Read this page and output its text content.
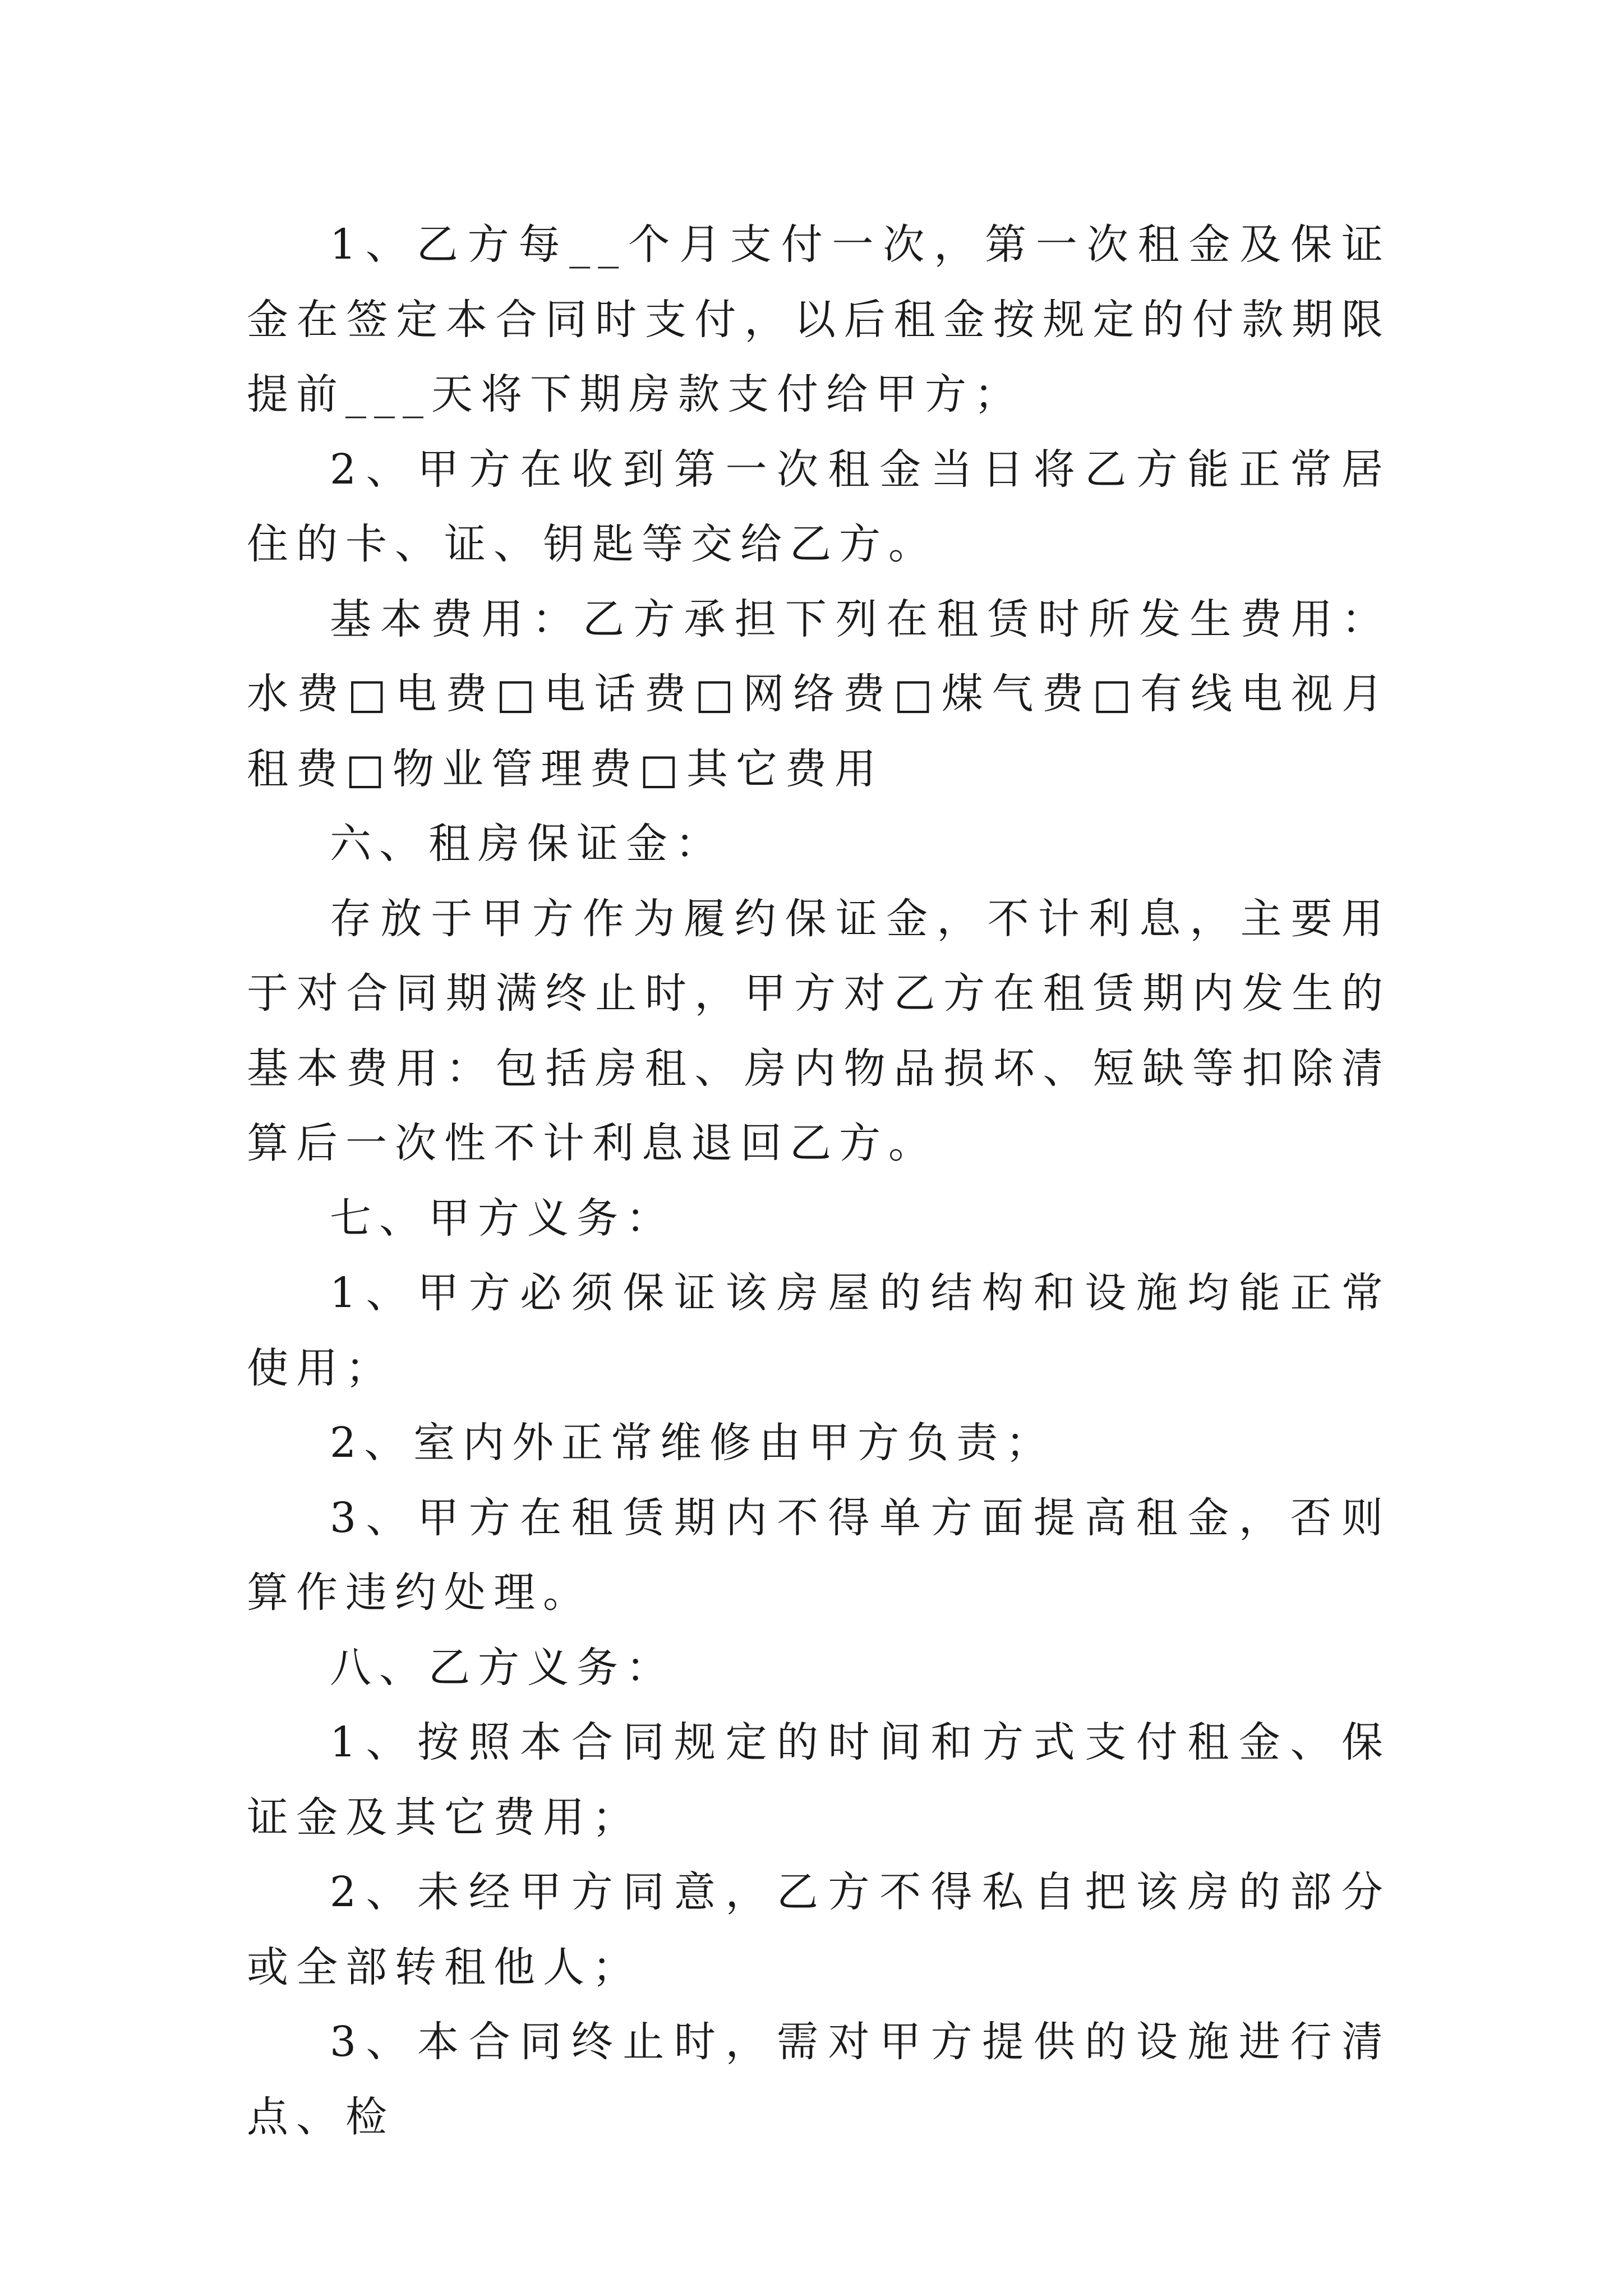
1、乙方每__个月支付一次，第一次租金及保证金在签定本合同时支付，以后租金按规定的付款期限提前___天将下期房款支付给甲方；

2、甲方在收到第一次租金当日将乙方能正常居住的卡、证、钥匙等交给乙方。

基本费用：乙方承担下列在租赁时所发生费用：水费□电费□电话费□网络费□煤气费□有线电视月租费□物业管理费□其它费用

六、租房保证金：

存放于甲方作为履约保证金，不计利息，主要用于对合同期满终止时，甲方对乙方在租赁期内发生的基本费用：包括房租、房内物品损坏、短缺等扣除清算后一次性不计利息退回乙方。

七、甲方义务：

1、甲方必须保证该房屋的结构和设施均能正常使用；

2、室内外正常维修由甲方负责；

3、甲方在租赁期内不得单方面提高租金，否则算作违约处理。

八、乙方义务：

1、按照本合同规定的时间和方式支付租金、保证金及其它费用；

2、未经甲方同意，乙方不得私自把该房的部分或全部转租他人；

3、本合同终止时，需对甲方提供的设施进行清点、检
